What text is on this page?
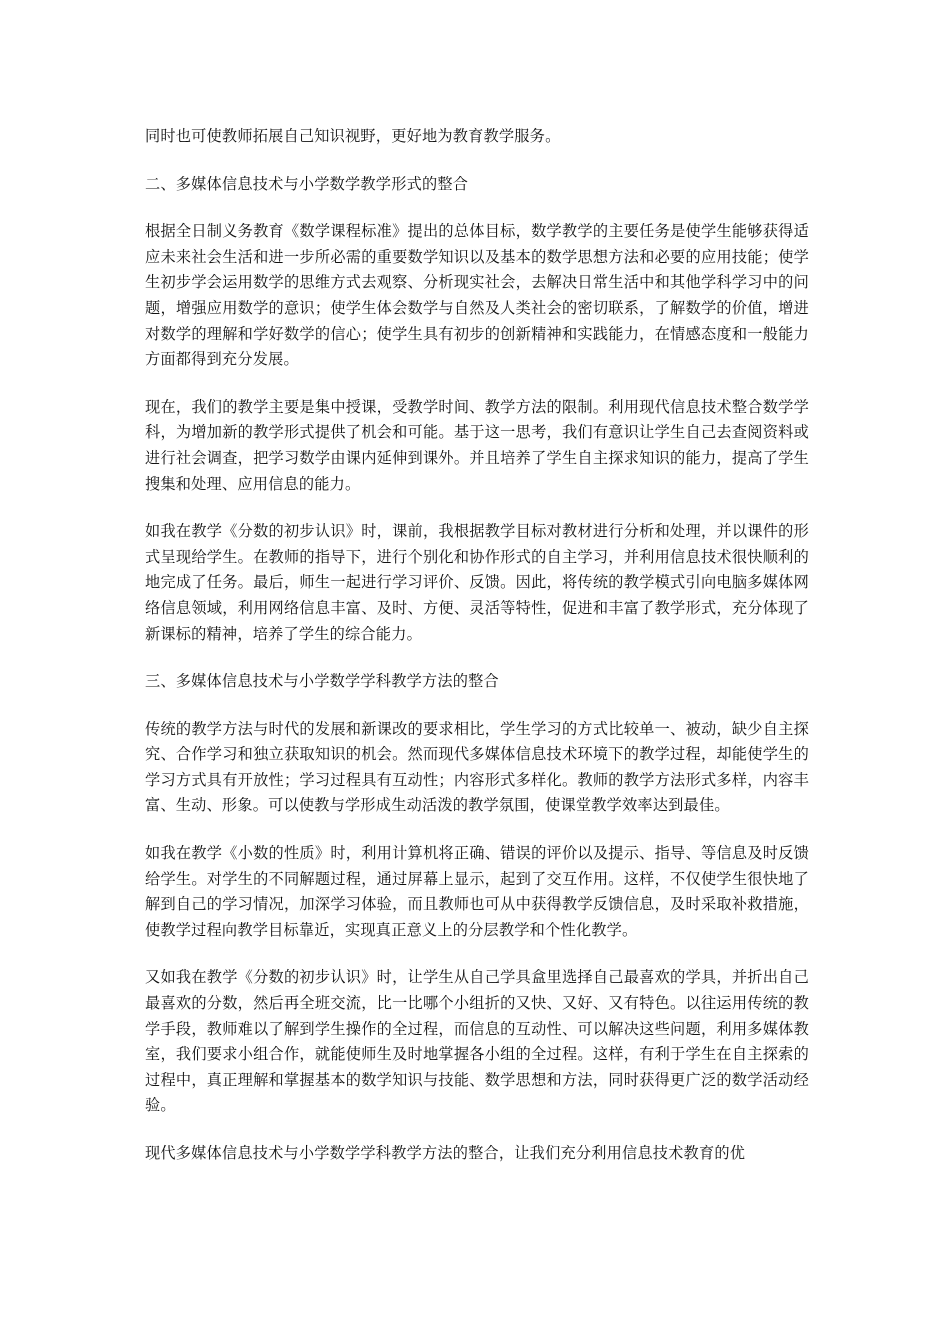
同时也可使教师拓展自己知识视野，更好地为教育教学服务。

二、多媒体信息技术与小学数学教学形式的整合

根据全日制义务教育《数学课程标准》提出的总体目标，数学教学的主要任务是使学生能够获得适应未来社会生活和进一步所必需的重要数学知识以及基本的数学思想方法和必要的应用技能；使学生初步学会运用数学的思维方式去观察、分析现实社会，去解决日常生活中和其他学科学习中的问题，增强应用数学的意识；使学生体会数学与自然及人类社会的密切联系，了解数学的价值，增进对数学的理解和学好数学的信心；使学生具有初步的创新精神和实践能力，在情感态度和一般能力方面都得到充分发展。

现在，我们的教学主要是集中授课，受教学时间、教学方法的限制。利用现代信息技术整合数学学科，为增加新的教学形式提供了机会和可能。基于这一思考，我们有意识让学生自己去查阅资料或进行社会调查，把学习数学由课内延伸到课外。并且培养了学生自主探求知识的能力，提高了学生搜集和处理、应用信息的能力。

如我在教学《分数的初步认识》时，课前，我根据教学目标对教材进行分析和处理，并以课件的形式呈现给学生。在教师的指导下，进行个别化和协作形式的自主学习，并利用信息技术很快顺利的地完成了任务。最后，师生一起进行学习评价、反馈。因此，将传统的教学模式引向电脑多媒体网络信息领域，利用网络信息丰富、及时、方便、灵活等特性，促进和丰富了教学形式，充分体现了新课标的精神，培养了学生的综合能力。

三、多媒体信息技术与小学数学学科教学方法的整合

传统的教学方法与时代的发展和新课改的要求相比，学生学习的方式比较单一、被动，缺少自主探究、合作学习和独立获取知识的机会。然而现代多媒体信息技术环境下的教学过程，却能使学生的学习方式具有开放性；学习过程具有互动性；内容形式多样化。教师的教学方法形式多样，内容丰富、生动、形象。可以使教与学形成生动活泼的教学氛围，使课堂教学效率达到最佳。

如我在教学《小数的性质》时，利用计算机将正确、错误的评价以及提示、指导、等信息及时反馈给学生。对学生的不同解题过程，通过屏幕上显示，起到了交互作用。这样，不仅使学生很快地了解到自己的学习情况，加深学习体验，而且教师也可从中获得教学反馈信息，及时采取补救措施，使教学过程向教学目标靠近，实现真正意义上的分层教学和个性化教学。

又如我在教学《分数的初步认识》时，让学生从自己学具盒里选择自己最喜欢的学具，并折出自己最喜欢的分数，然后再全班交流，比一比哪个小组折的又快、又好、又有特色。以往运用传统的教学手段，教师难以了解到学生操作的全过程，而信息的互动性、可以解决这些问题，利用多媒体教室，我们要求小组合作，就能使师生及时地掌握各小组的全过程。这样，有利于学生在自主探索的过程中，真正理解和掌握基本的数学知识与技能、数学思想和方法，同时获得更广泛的数学活动经验。

现代多媒体信息技术与小学数学学科教学方法的整合，让我们充分利用信息技术教育的优
